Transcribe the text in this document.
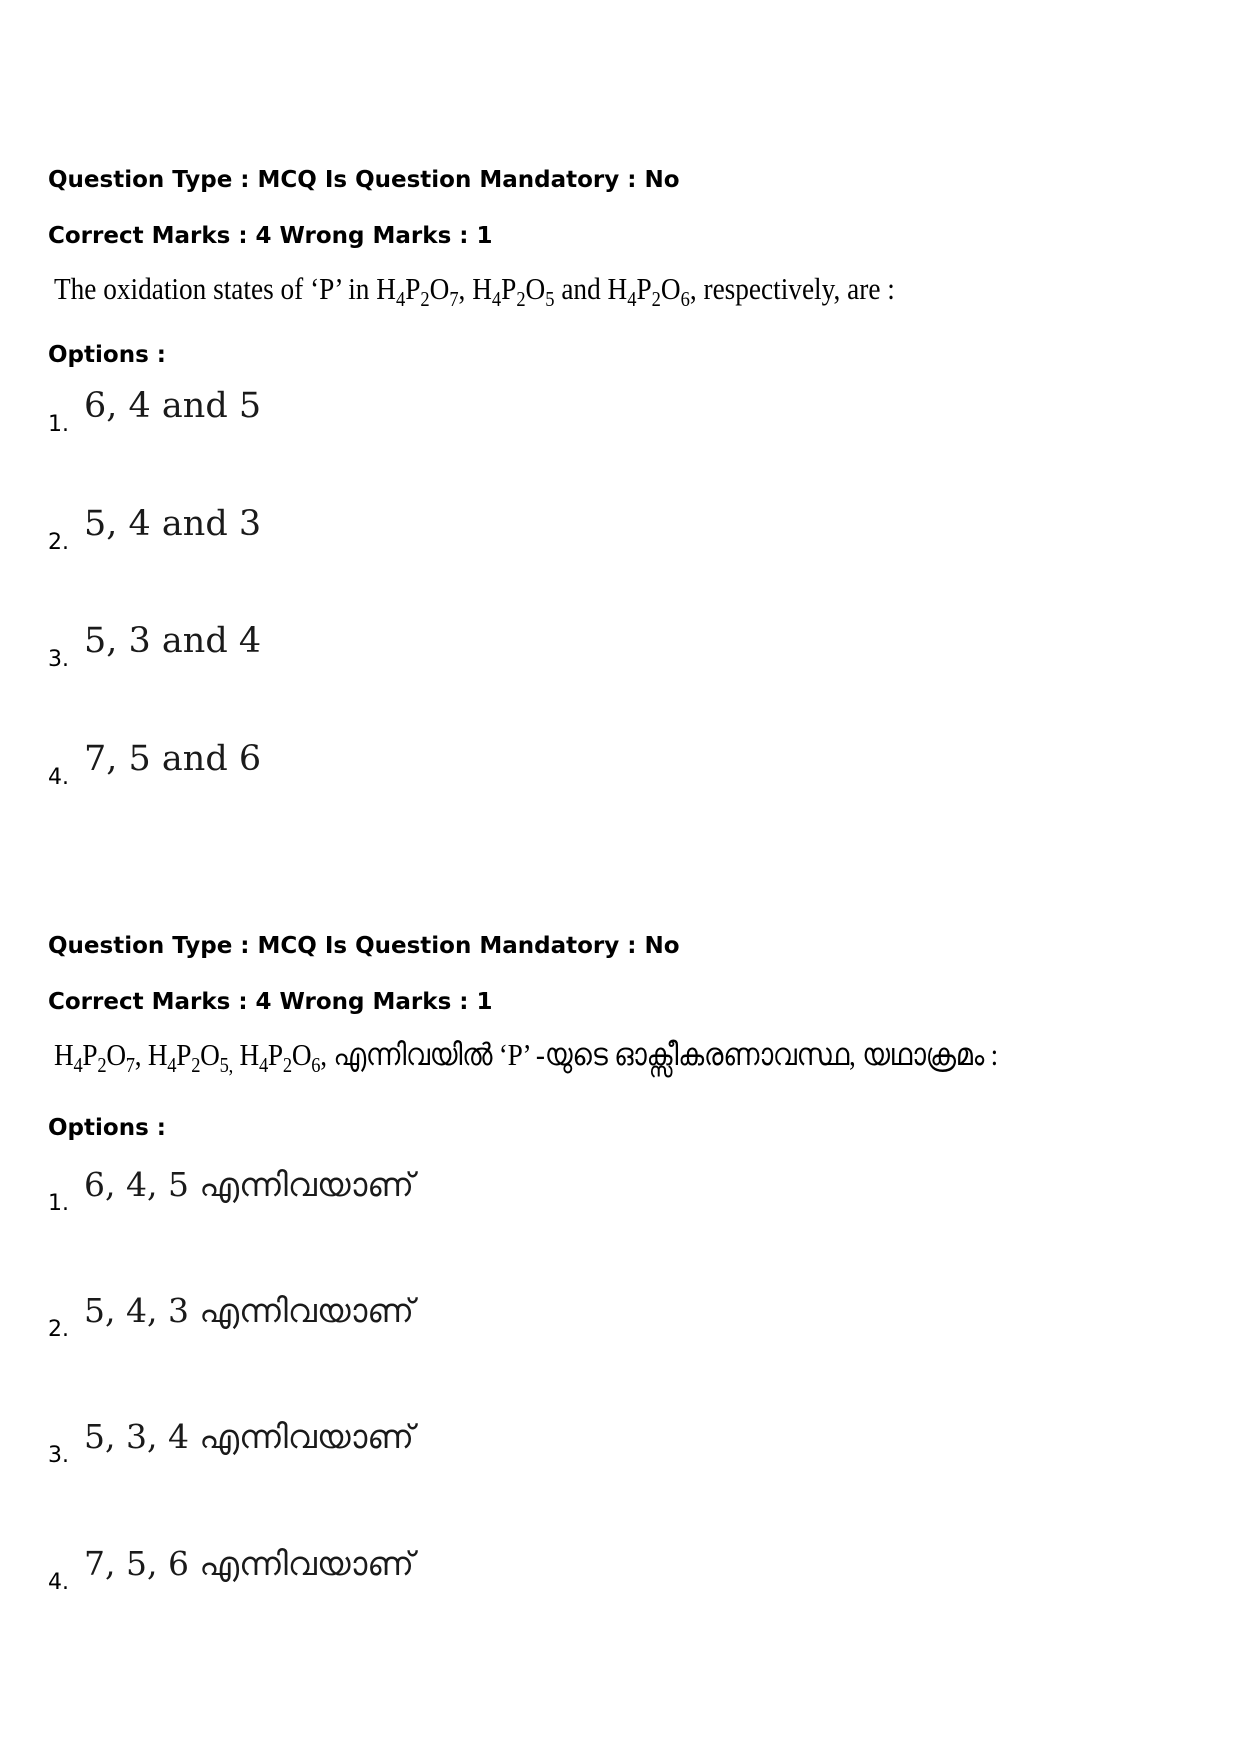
Question Type : MCQ Is Question Mandatory : No
Correct Marks : 4 Wrong Marks : 1
The oxidation states of ‘P’ in $H_4P_2O_7$, $H_4P_2O_5$ and $H_4P_2O_6$, respectively, are :
Options :
1. 6, 4 and 5
2. 5, 4 and 3
3. 5, 3 and 4
4. 7, 5 and 6
Question Type : MCQ Is Question Mandatory : No
Correct Marks : 4 Wrong Marks : 1
$H_4P_2O_7$, $H_4P_2O_{5,}$ $H_4P_2O_6$, എന്നിവയിൽ ‘P’ -യുടെ ഓക്സീകരണാവസ്ഥ, യഥാക്രമം :
Options :
1. 6, 4, 5 എന്നിവയാണ്
2. 5, 4, 3 എന്നിവയാണ്
3. 5, 3, 4 എന്നിവയാണ്
4. 7, 5, 6 എന്നിവയാണ്
